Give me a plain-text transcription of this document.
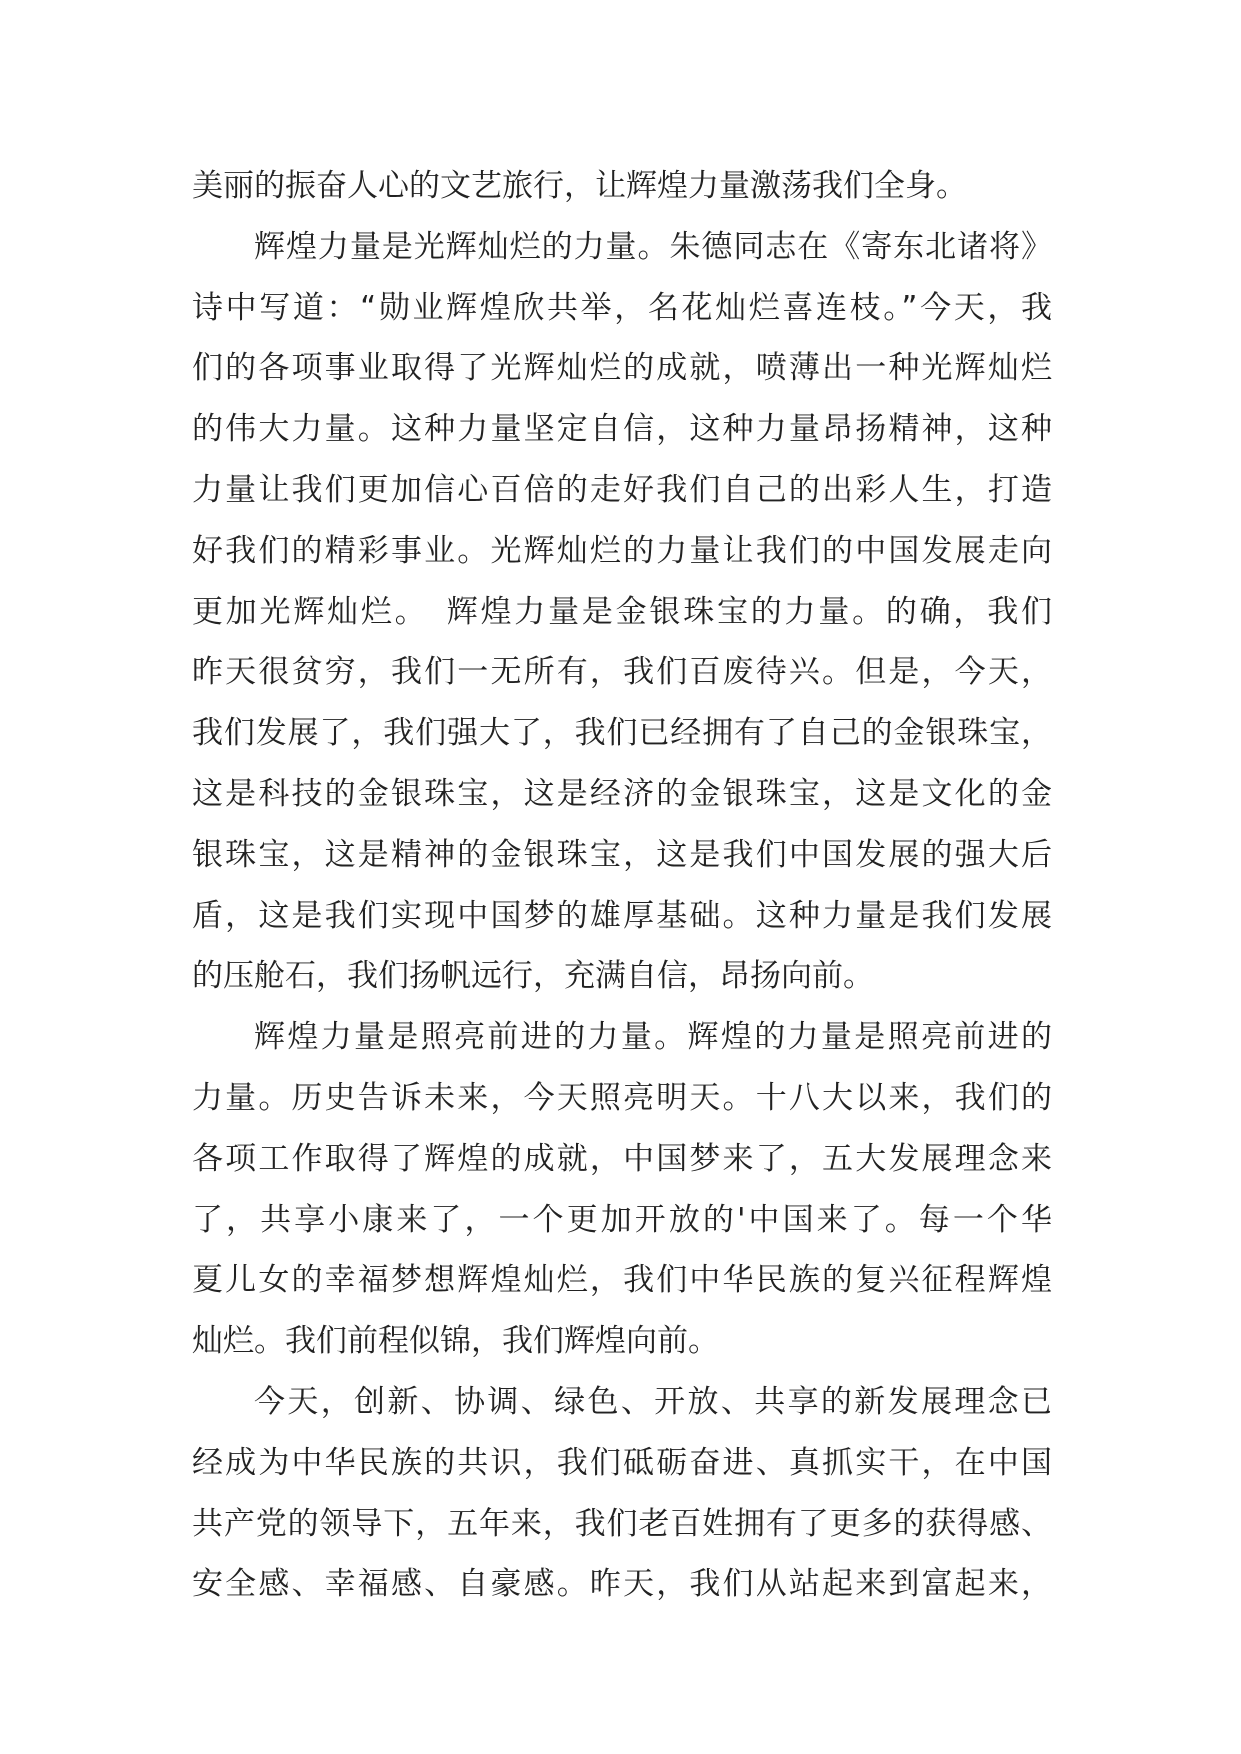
美丽的振奋人心的文艺旅行，让辉煌力量激荡我们全身。
辉煌力量是光辉灿烂的力量。朱德同志在《寄东北诸将》
诗中写道：“勋业辉煌欣共举，名花灿烂喜连枝。”今天，我
们的各项事业取得了光辉灿烂的成就，喷薄出一种光辉灿烂
的伟大力量。这种力量坚定自信，这种力量昂扬精神，这种
力量让我们更加信心百倍的走好我们自己的出彩人生，打造
好我们的精彩事业。光辉灿烂的力量让我们的中国发展走向
更加光辉灿烂。　辉煌力量是金银珠宝的力量。的确，我们
昨天很贫穷，我们一无所有，我们百废待兴。但是，今天，
我们发展了，我们强大了，我们已经拥有了自己的金银珠宝，
这是科技的金银珠宝，这是经济的金银珠宝，这是文化的金
银珠宝，这是精神的金银珠宝，这是我们中国发展的强大后
盾，这是我们实现中国梦的雄厚基础。这种力量是我们发展
的压舱石，我们扬帆远行，充满自信，昂扬向前。
辉煌力量是照亮前进的力量。辉煌的力量是照亮前进的
力量。历史告诉未来，今天照亮明天。十八大以来，我们的
各项工作取得了辉煌的成就，中国梦来了，五大发展理念来
了，共享小康来了，一个更加开放的'中国来了。每一个华
夏儿女的幸福梦想辉煌灿烂，我们中华民族的复兴征程辉煌
灿烂。我们前程似锦，我们辉煌向前。
今天，创新、协调、绿色、开放、共享的新发展理念已
经成为中华民族的共识，我们砥砺奋进、真抓实干，在中国
共产党的领导下，五年来，我们老百姓拥有了更多的获得感、
安全感、幸福感、自豪感。昨天，我们从站起来到富起来，
